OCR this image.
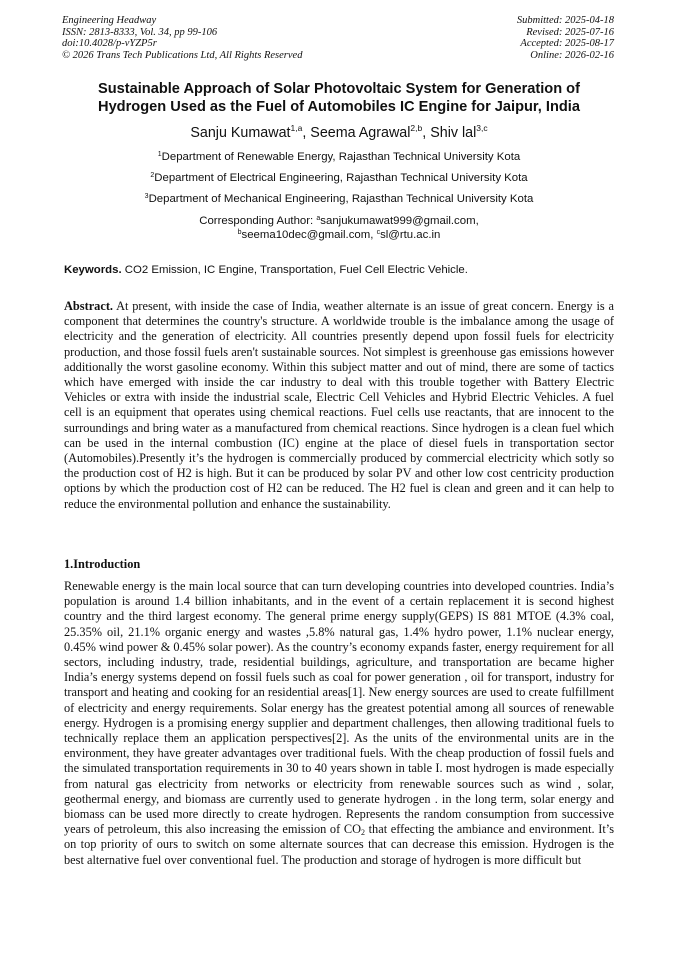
Engineering Headway
ISSN: 2813-8333, Vol. 34, pp 99-106
doi:10.4028/p-vYZP5r
© 2026 Trans Tech Publications Ltd, All Rights Reserved
Submitted: 2025-04-18
Revised: 2025-07-16
Accepted: 2025-08-17
Online: 2026-02-16
Sustainable Approach of Solar Photovoltaic System for Generation of
Hydrogen Used as the Fuel of Automobiles IC Engine for Jaipur, India
Sanju Kumawat$^{1,a}$, Seema Agrawal$^{2,b}$, Shiv lal$^{3,c}$
$^1$Department of Renewable Energy, Rajasthan Technical University Kota
$^2$Department of Electrical Engineering, Rajasthan Technical University Kota
$^3$Department of Mechanical Engineering, Rajasthan Technical University Kota
Corresponding Author: $^a$sanjukumawat999@gmail.com,
$^b$seema10dec@gmail.com, $^c$sl@rtu.ac.in
Keywords. CO2 Emission, IC Engine, Transportation, Fuel Cell Electric Vehicle.
Abstract. At present, with inside the case of India, weather alternate is an issue of great concern. Energy is a component that determines the country's structure. A worldwide trouble is the imbalance among the usage of electricity and the generation of electricity. All countries presently depend upon fossil fuels for electricity production, and those fossil fuels aren't sustainable sources. Not simplest is greenhouse gas emissions however additionally the worst gasoline economy. Within this subject matter and out of mind, there are some of tactics which have emerged with inside the car industry to deal with this trouble together with Battery Electric Vehicles or extra with inside the industrial scale, Electric Cell Vehicles and Hybrid Electric Vehicles. A fuel cell is an equipment that operates using chemical reactions. Fuel cells use reactants, that are innocent to the surroundings and bring water as a manufactured from chemical reactions. Since hydrogen is a clean fuel which can be used in the internal combustion (IC) engine at the place of diesel fuels in transportation sector (Automobiles).Presently it’s the hydrogen is commercially produced by commercial electricity which sotly so the production cost of H2 is high. But it can be produced by solar PV and other low cost centricity production options by which the production cost of H2 can be reduced. The H2 fuel is clean and green and it can help to reduce the environmental pollution and enhance the sustainability.
1.Introduction
Renewable energy is the main local source that can turn developing countries into developed countries. India’s population is around 1.4 billion inhabitants, and in the event of a certain replacement it is second highest country and the third largest economy. The general prime energy supply(GEPS) IS 881 MTOE (4.3% coal, 25.35% oil, 21.1% organic energy and wastes ,5.8% natural gas, 1.4% hydro power, 1.1% nuclear energy, 0.45% wind power & 0.45% solar power). As the country’s economy expands faster, energy requirement for all sectors, including industry, trade, residential buildings, agriculture, and transportation are became higher India’s energy systems depend on fossil fuels such as coal for power generation , oil for transport, industry for transport and heating and cooking for an residential areas[1]. New energy sources are used to create fulfillment of electricity and energy requirements. Solar energy has the greatest potential among all sources of renewable energy. Hydrogen is a promising energy supplier and department challenges, then allowing traditional fuels to technically replace them an application perspectives[2]. As the units of the environmental units are in the environment, they have greater advantages over traditional fuels. With the cheap production of fossil fuels and the simulated transportation requirements in 30 to 40 years shown in table I. most hydrogen is made especially from natural gas electricity from networks or electricity from renewable sources such as wind , solar, geothermal energy, and biomass are currently used to generate hydrogen . in the long term, solar energy and biomass can be used more directly to create hydrogen. Represents the random consumption from successive years of petroleum, this also increasing the emission of $CO_2$ that effecting the ambiance and environment. It’s on top priority of ours to switch on some alternate sources that can decrease this emission. Hydrogen is the best alternative fuel over conventional fuel. The production and storage of hydrogen is more difficult but
